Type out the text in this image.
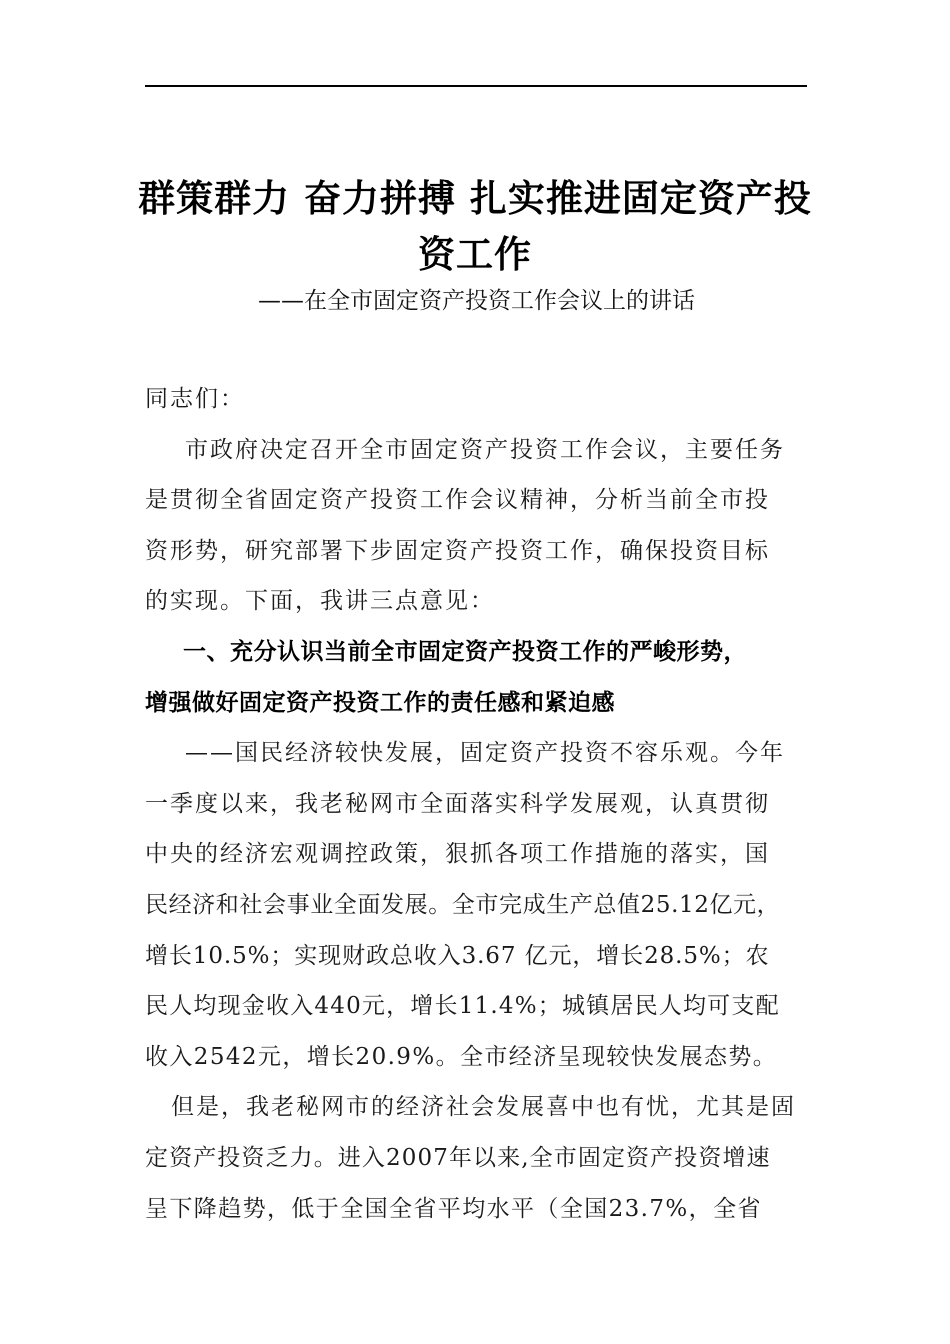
群策群力 奋力拼搏 扎实推进固定资产投
资工作
——在全市固定资产投资工作会议上的讲话
同志们：
市政府决定召开全市固定资产投资工作会议，主要任务
是贯彻全省固定资产投资工作会议精神，分析当前全市投
资形势，研究部署下步固定资产投资工作，确保投资目标
的实现。下面，我讲三点意见：
一、充分认识当前全市固定资产投资工作的严峻形势，
增强做好固定资产投资工作的责任感和紧迫感
——国民经济较快发展，固定资产投资不容乐观。今年
一季度以来，我老秘网市全面落实科学发展观，认真贯彻
中央的经济宏观调控政策，狠抓各项工作措施的落实，国
民经济和社会事业全面发展。全市完成生产总值25.12亿元，
增长10.5%；实现财政总收入3.67 亿元，增长28.5%；农
民人均现金收入440元，增长11.4%；城镇居民人均可支配
收入2542元，增长20.9%。全市经济呈现较快发展态势。
但是，我老秘网市的经济社会发展喜中也有忧，尤其是固
定资产投资乏力。进入2007年以来,全市固定资产投资增速
呈下降趋势，低于全国全省平均水平（全国23.7%，全省
